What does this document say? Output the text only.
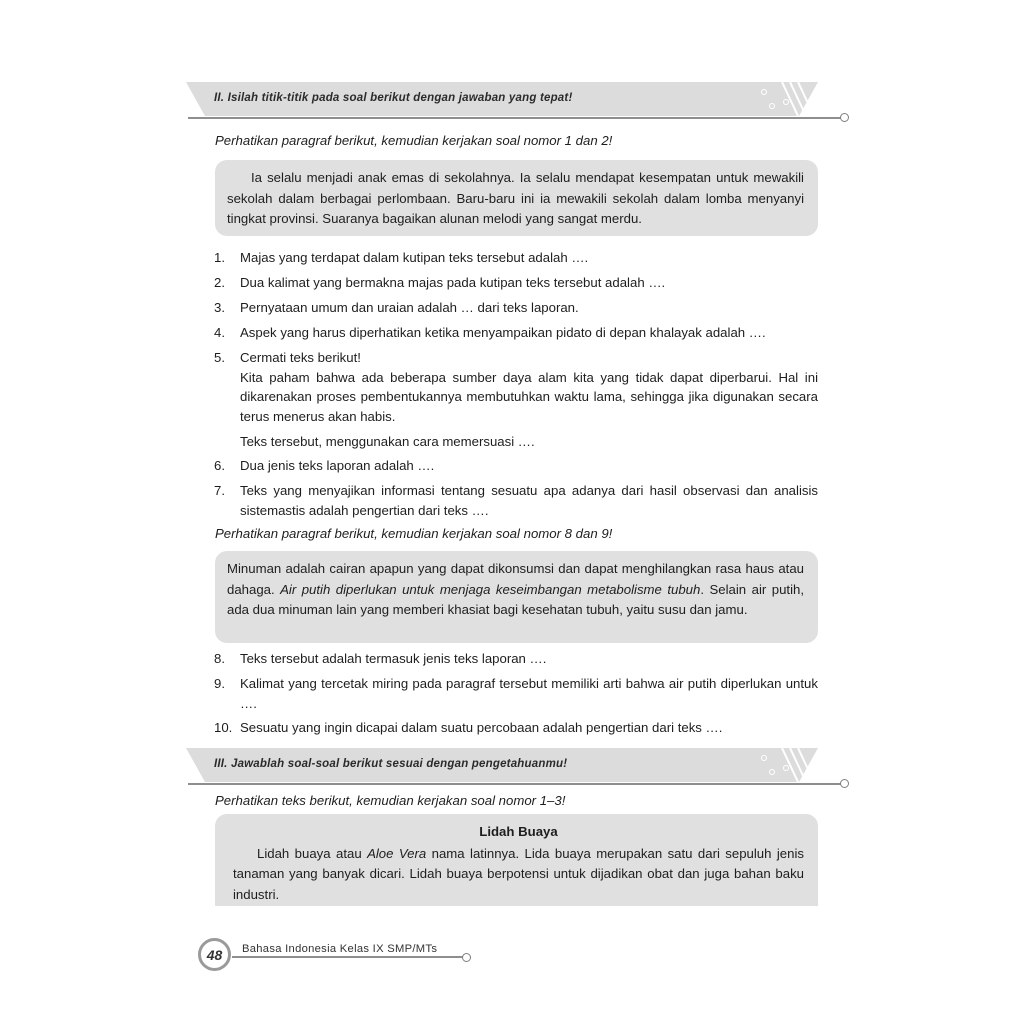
II. Isilah titik-titik pada soal berikut dengan jawaban yang tepat!
Perhatikan paragraf berikut, kemudian kerjakan soal nomor 1 dan 2!

Ia selalu menjadi anak emas di sekolahnya. Ia selalu mendapat kesempatan untuk mewakili sekolah dalam berbagai perlombaan. Baru-baru ini ia mewakili sekolah dalam lomba menyanyi tingkat provinsi. Suaranya bagaikan alunan melodi yang sangat merdu.

1. Majas yang terdapat dalam kutipan teks tersebut adalah ….
2. Dua kalimat yang bermakna majas pada kutipan teks tersebut adalah ….
3. Pernyataan umum dan uraian adalah … dari teks laporan.
4. Aspek yang harus diperhatikan ketika menyampaikan pidato di depan khalayak adalah ….
5. Cermati teks berikut!
Kita paham bahwa ada beberapa sumber daya alam kita yang tidak dapat diperbarui. Hal ini dikarenakan proses pembentukannya membutuhkan waktu lama, sehingga jika digunakan secara terus menerus akan habis.
Teks tersebut, menggunakan cara memersuasi ….
6. Dua jenis teks laporan adalah ….
7. Teks yang menyajikan informasi tentang sesuatu apa adanya dari hasil observasi dan analisis sistemastis adalah pengertian dari teks ….
Perhatikan paragraf berikut, kemudian kerjakan soal nomor 8 dan 9!

Minuman adalah cairan apapun yang dapat dikonsumsi dan dapat menghilangkan rasa haus atau dahaga. Air putih diperlukan untuk menjaga keseimbangan metabolisme tubuh. Selain air putih, ada dua minuman lain yang memberi khasiat bagi kesehatan tubuh, yaitu susu dan jamu.

8. Teks tersebut adalah termasuk jenis teks laporan ….
9. Kalimat yang tercetak miring pada paragraf tersebut memiliki arti bahwa air putih diperlukan untuk ….
10. Sesuatu yang ingin dicapai dalam suatu percobaan adalah pengertian dari teks ….
III. Jawablah soal-soal berikut sesuai dengan pengetahuanmu!
Perhatikan teks berikut, kemudian kerjakan soal nomor 1–3!
Lidah Buaya

Lidah buaya atau Aloe Vera nama latinnya. Lida buaya merupakan satu dari sepuluh jenis tanaman yang banyak dicari. Lidah buaya berpotensi untuk dijadikan obat dan juga bahan baku industri.

48	Bahasa Indonesia Kelas IX SMP/MTs
